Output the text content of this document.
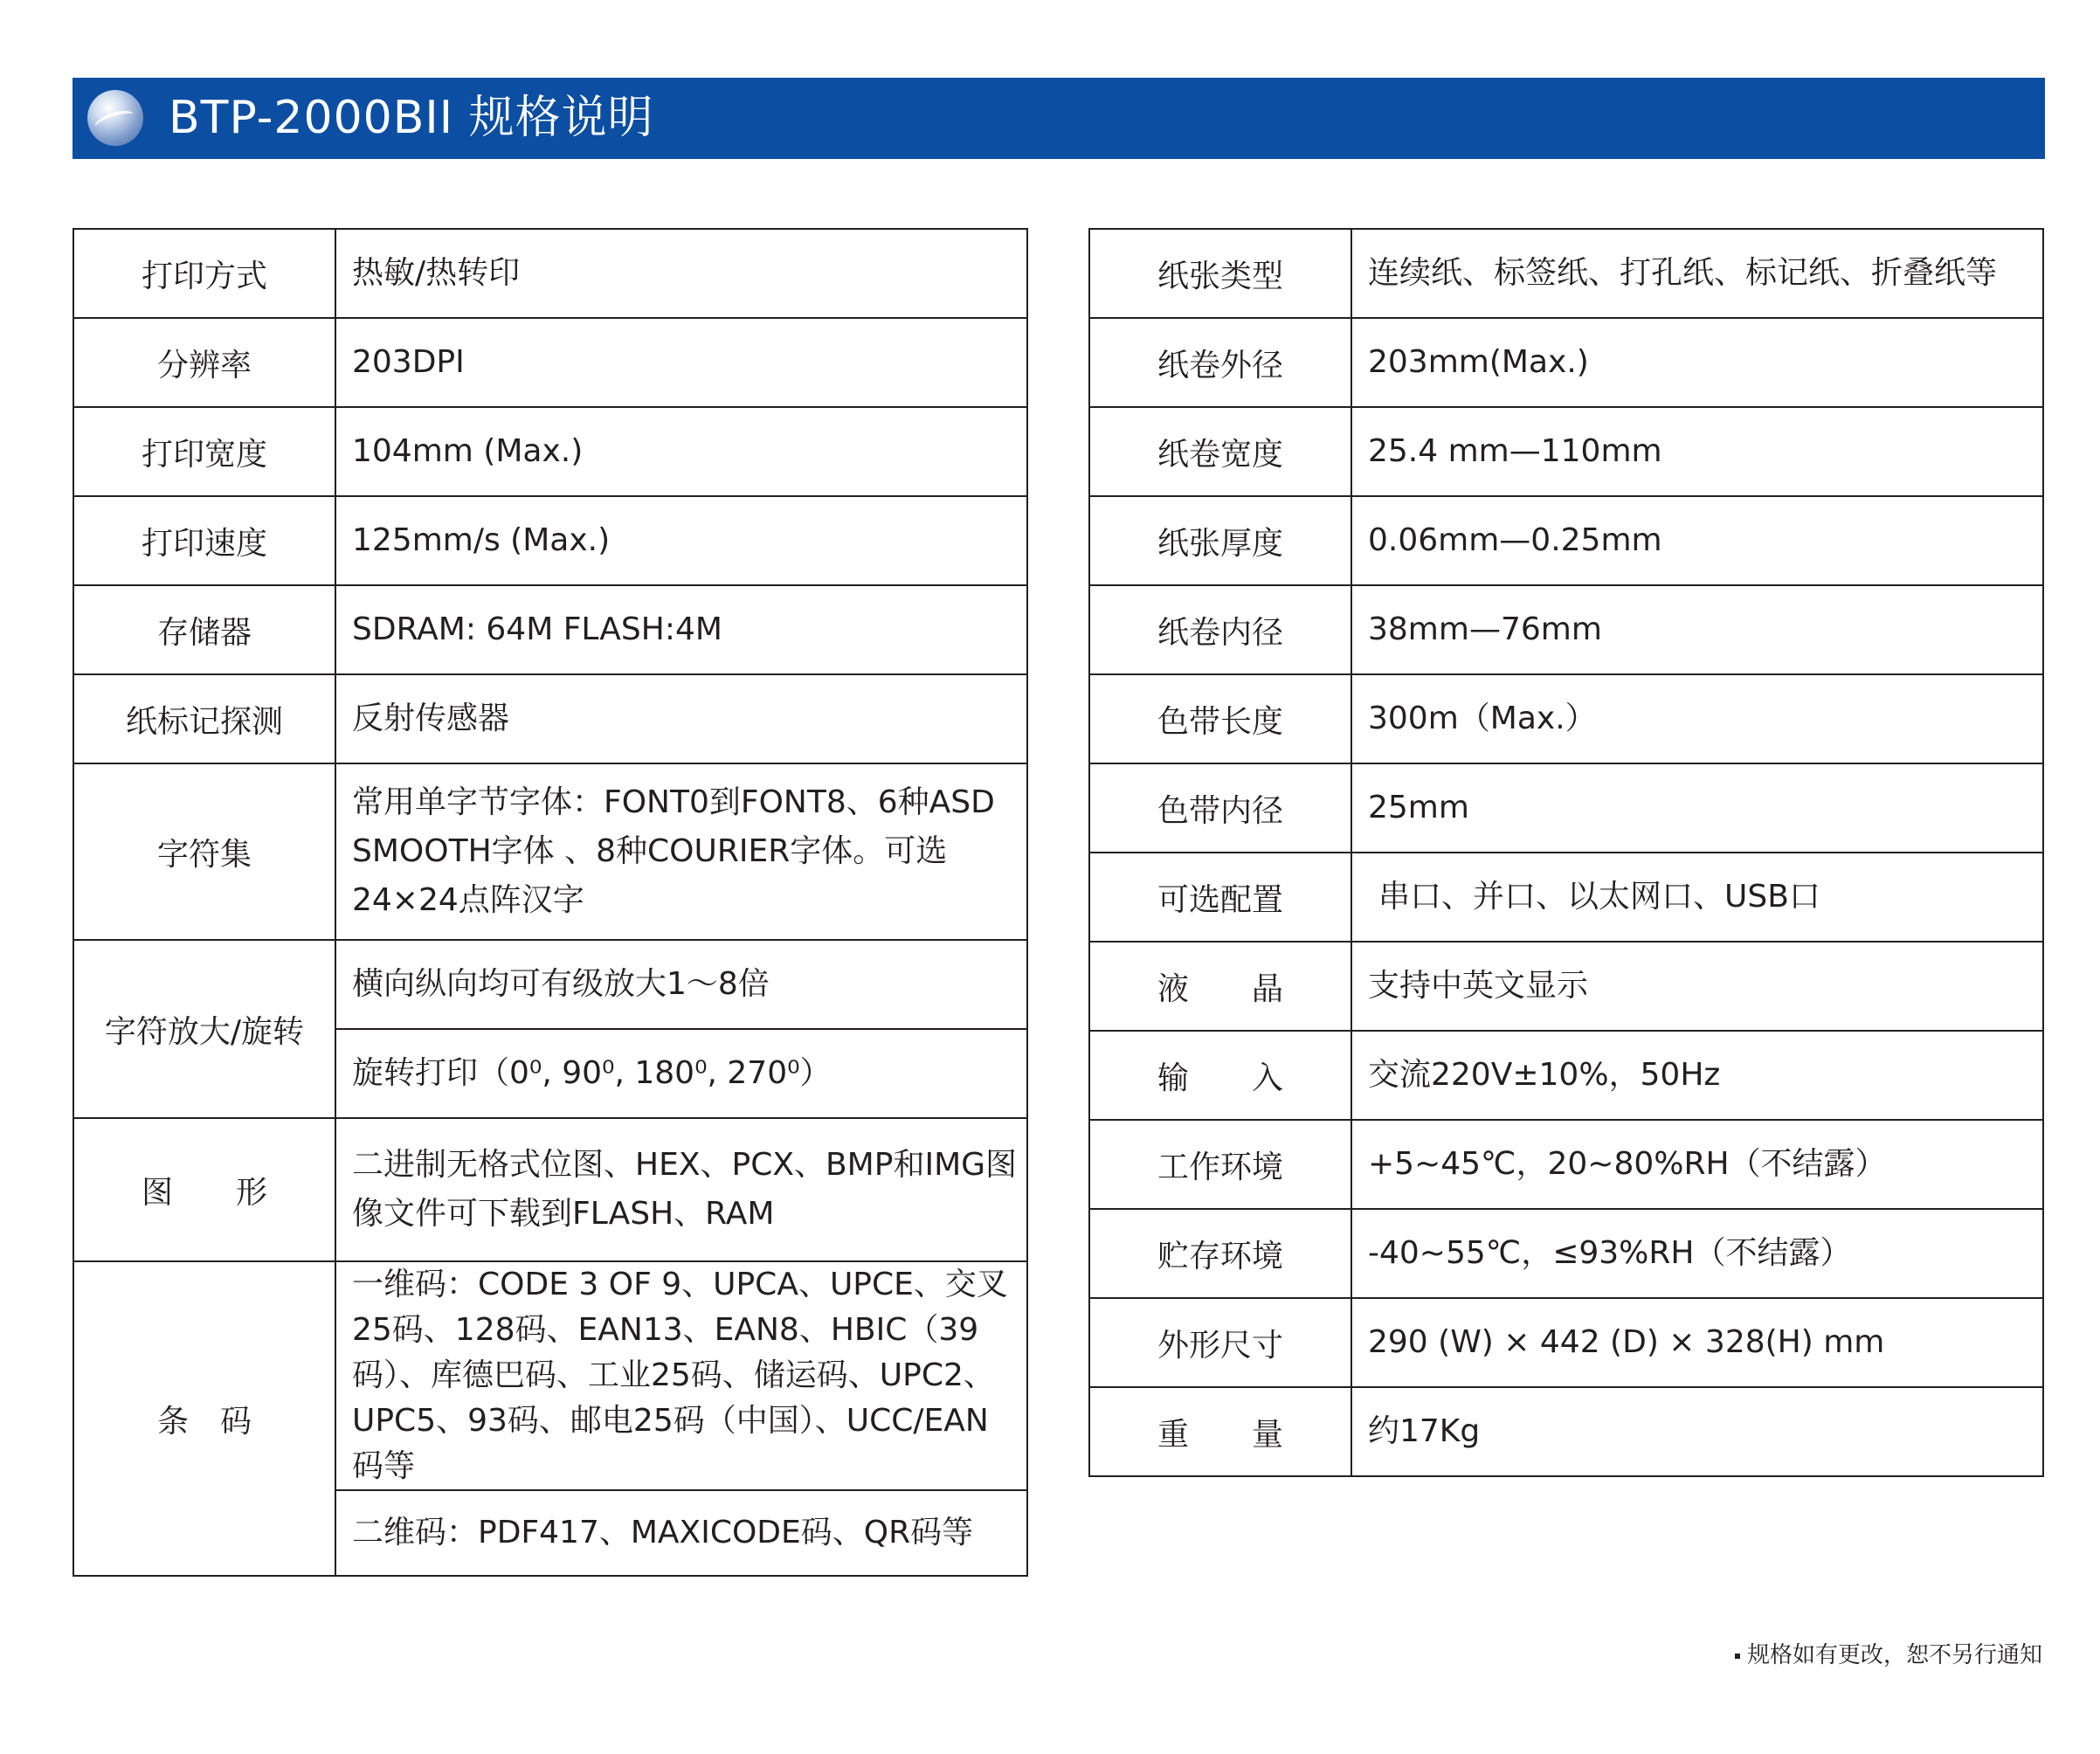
BTP-2000BII 规格说明
打印方式	热敏/热转印
分辨率	203DPI
打印宽度	104mm (Max.)
打印速度	125mm/s (Max.)
存储器	SDRAM: 64M FLASH:4M
纸标记探测	反射传感器
字符集	常用单字节字体：FONT0到FONT8、6种ASD SMOOTH字体 、8种COURIER字体。可选24×24点阵汉字
字符放大/旋转	横向纵向均可有级放大1～8倍
	旋转打印（0⁰, 90⁰, 180⁰, 270⁰）
图　　形	二进制无格式位图、HEX、PCX、BMP和IMG图像文件可下载到FLASH、RAM
条　码	一维码：CODE 3 OF 9、UPCA、UPCE、交叉25码、128码、EAN13、EAN8、HBIC（39码）、库德巴码、工业25码、储运码、UPC2、UPC5、93码、邮电25码（中国）、UCC/EAN码等
	二维码：PDF417、MAXICODE码、QR码等
纸张类型	连续纸、标签纸、打孔纸、标记纸、折叠纸等
纸卷外径	203mm(Max.)
纸卷宽度	25.4 mm—110mm
纸张厚度	0.06mm—0.25mm
纸卷内径	38mm—76mm
色带长度	300m（Max.）
色带内径	25mm
可选配置	串口、并口、以太网口、USB口
液　　晶	支持中英文显示
输　　入	交流220V±10%，50Hz
工作环境	+5~45℃，20~80%RH（不结露）
贮存环境	-40~55℃，≤93%RH（不结露）
外形尺寸	290 (W) × 442 (D) × 328(H) mm
重　　量	约17Kg
规格如有更改，恕不另行通知
